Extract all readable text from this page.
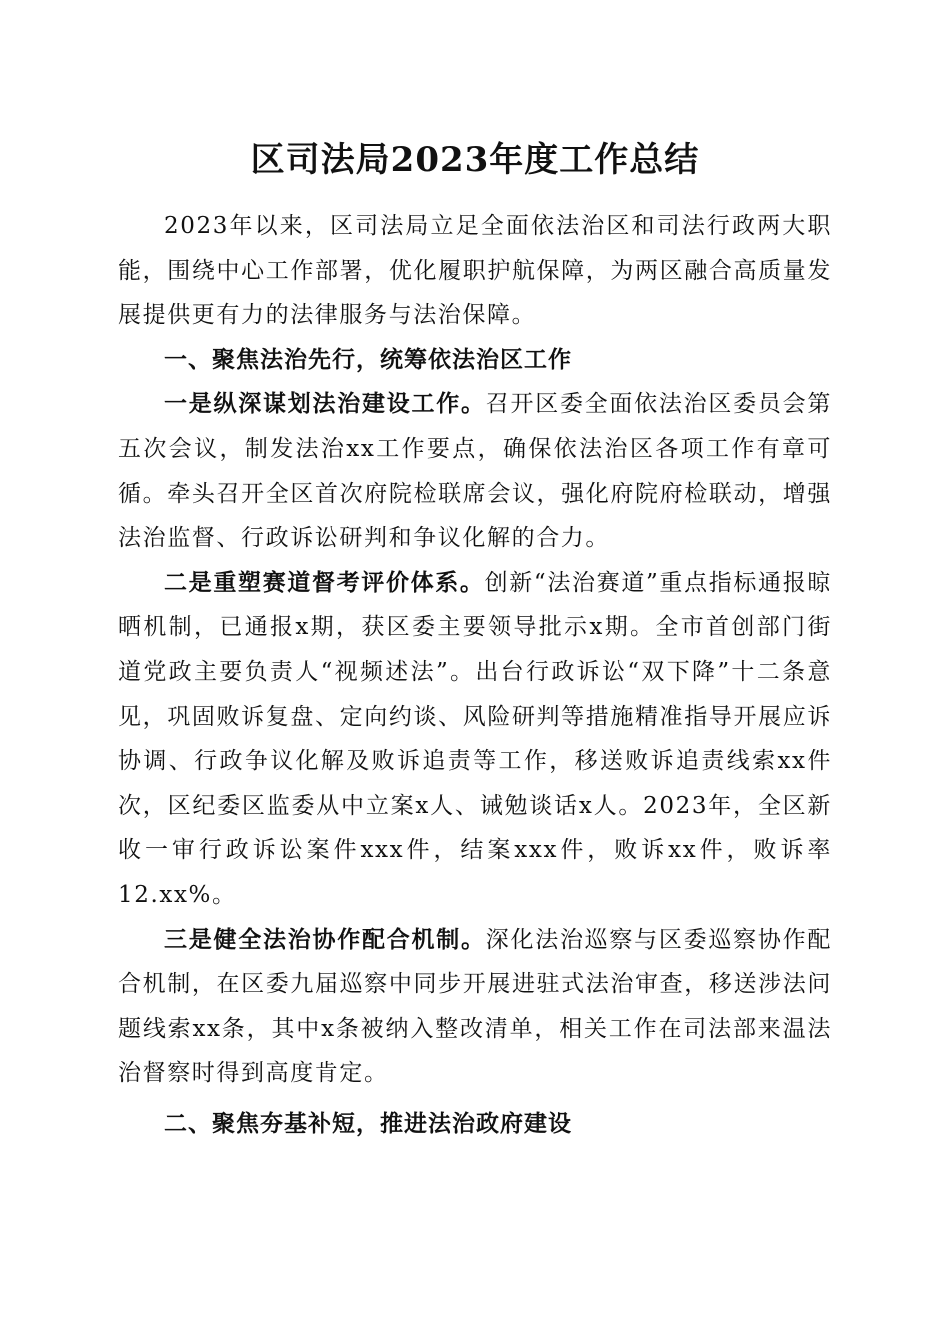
区司法局2023年度工作总结

2023年以来，区司法局立足全面依法治区和司法行政两大职能，围绕中心工作部署，优化履职护航保障，为两区融合高质量发展提供更有力的法律服务与法治保障。

一、聚焦法治先行，统筹依法治区工作

一是纵深谋划法治建设工作。召开区委全面依法治区委员会第五次会议，制发法治xx工作要点，确保依法治区各项工作有章可循。牵头召开全区首次府院检联席会议，强化府院府检联动，增强法治监督、行政诉讼研判和争议化解的合力。

二是重塑赛道督考评价体系。创新“法治赛道”重点指标通报晾晒机制，已通报x期，获区委主要领导批示x期。全市首创部门街道党政主要负责人“视频述法”。出台行政诉讼“双下降”十二条意见，巩固败诉复盘、定向约谈、风险研判等措施精准指导开展应诉协调、行政争议化解及败诉追责等工作，移送败诉追责线索xx件次，区纪委区监委从中立案x人、诫勉谈话x人。2023年，全区新收一审行政诉讼案件xxx件，结案xxx件，败诉xx件，败诉率12.xx%。

三是健全法治协作配合机制。深化法治巡察与区委巡察协作配合机制，在区委九届巡察中同步开展进驻式法治审查，移送涉法问题线索xx条，其中x条被纳入整改清单，相关工作在司法部来温法治督察时得到高度肯定。

二、聚焦夯基补短，推进法治政府建设
